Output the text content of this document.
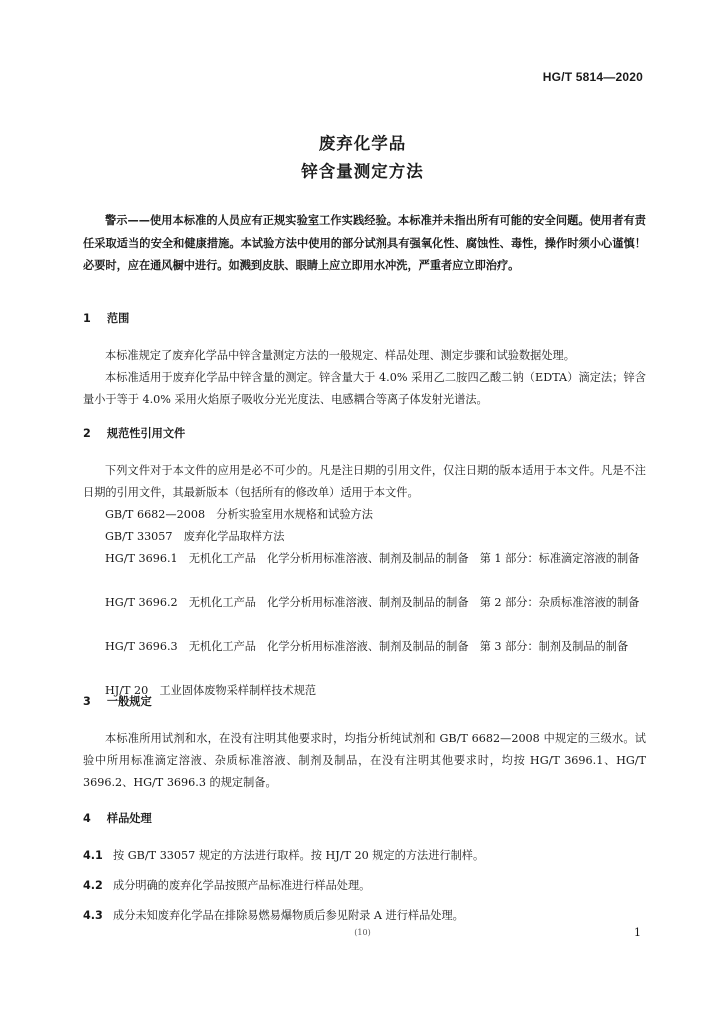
HG/T 5814—2020
废弃化学品
锌含量测定方法

警示——使用本标准的人员应有正规实验室工作实践经验。本标准并未指出所有可能的安全问题。使用者有责任采取适当的安全和健康措施。本试验方法中使用的部分试剂具有强氧化性、腐蚀性、毒性，操作时须小心谨慎！必要时，应在通风橱中进行。如溅到皮肤、眼睛上应立即用水冲洗，严重者应立即治疗。

1 范围

本标准规定了废弃化学品中锌含量测定方法的一般规定、样品处理、测定步骤和试验数据处理。

本标准适用于废弃化学品中锌含量的测定。锌含量大于 4.0% 采用乙二胺四乙酸二钠（EDTA）滴定法；锌含量小于等于 4.0% 采用火焰原子吸收分光光度法、电感耦合等离子体发射光谱法。

2 规范性引用文件

下列文件对于本文件的应用是必不可少的。凡是注日期的引用文件，仅注日期的版本适用于本文件。凡是不注日期的引用文件，其最新版本（包括所有的修改单）适用于本文件。

GB/T 6682—2008　分析实验室用水规格和试验方法

GB/T 33057　废弃化学品取样方法

HG/T 3696.1　无机化工产品　化学分析用标准溶液、制剂及制品的制备　第 1 部分：标准滴定溶液的制备

HG/T 3696.2　无机化工产品　化学分析用标准溶液、制剂及制品的制备　第 2 部分：杂质标准溶液的制备

HG/T 3696.3　无机化工产品　化学分析用标准溶液、制剂及制品的制备　第 3 部分：制剂及制品的制备

HJ/T 20　工业固体废物采样制样技术规范

3 一般规定

本标准所用试剂和水，在没有注明其他要求时，均指分析纯试剂和 GB/T 6682—2008 中规定的三级水。试验中所用标准滴定溶液、杂质标准溶液、制剂及制品，在没有注明其他要求时，均按 HG/T 3696.1、HG/T 3696.2、HG/T 3696.3 的规定制备。

4 样品处理
4.1 按 GB/T 33057 规定的方法进行取样。按 HJ/T 20 规定的方法进行制样。
4.2 成分明确的废弃化学品按照产品标准进行样品处理。
4.3 成分未知废弃化学品在排除易燃易爆物质后参见附录 A 进行样品处理。
(10)	1
